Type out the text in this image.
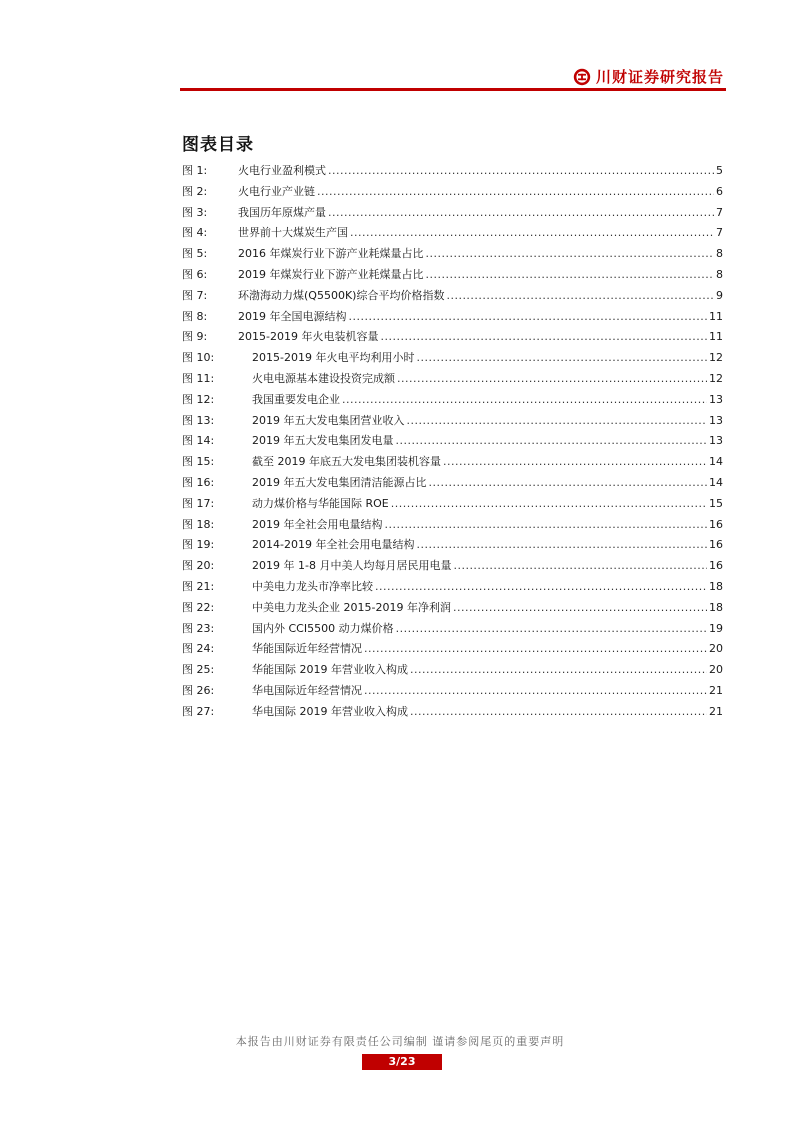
川财证券研究报告
图表目录
图 1:	火电行业盈利模式 .....	5
图 2:	火电行业产业链 .....	6
图 3:	我国历年原煤产量 .....	7
图 4:	世界前十大煤炭生产国 .....	7
图 5:	2016 年煤炭行业下游产业耗煤量占比 .....	8
图 6:	2019 年煤炭行业下游产业耗煤量占比 .....	8
图 7:	环渤海动力煤(Q5500K)综合平均价格指数 .....	9
图 8:	2019 年全国电源结构 .....	11
图 9:	2015-2019 年火电装机容量 .....	11
图 10:	2015-2019 年火电平均利用小时 .....	12
图 11:	火电电源基本建设投资完成额 .....	12
图 12:	我国重要发电企业 .....	13
图 13:	2019 年五大发电集团营业收入 .....	13
图 14:	2019 年五大发电集团发电量 .....	13
图 15:	截至 2019 年底五大发电集团装机容量 .....	14
图 16:	2019 年五大发电集团清洁能源占比 .....	14
图 17:	动力煤价格与华能国际 ROE .....	15
图 18:	2019 年全社会用电量结构 .....	16
图 19:	2014-2019 年全社会用电量结构 .....	16
图 20:	2019 年 1-8 月中美人均每月居民用电量 .....	16
图 21:	中美电力龙头市净率比较 .....	18
图 22:	中美电力龙头企业 2015-2019 年净利润 .....	18
图 23:	国内外 CCI5500 动力煤价格 .....	19
图 24:	华能国际近年经营情况 .....	20
图 25:	华能国际 2019 年营业收入构成 .....	20
图 26:	华电国际近年经营情况 .....	21
图 27:	华电国际 2019 年营业收入构成 .....	21
本报告由川财证券有限责任公司编制 谨请参阅尾页的重要声明
3/23
